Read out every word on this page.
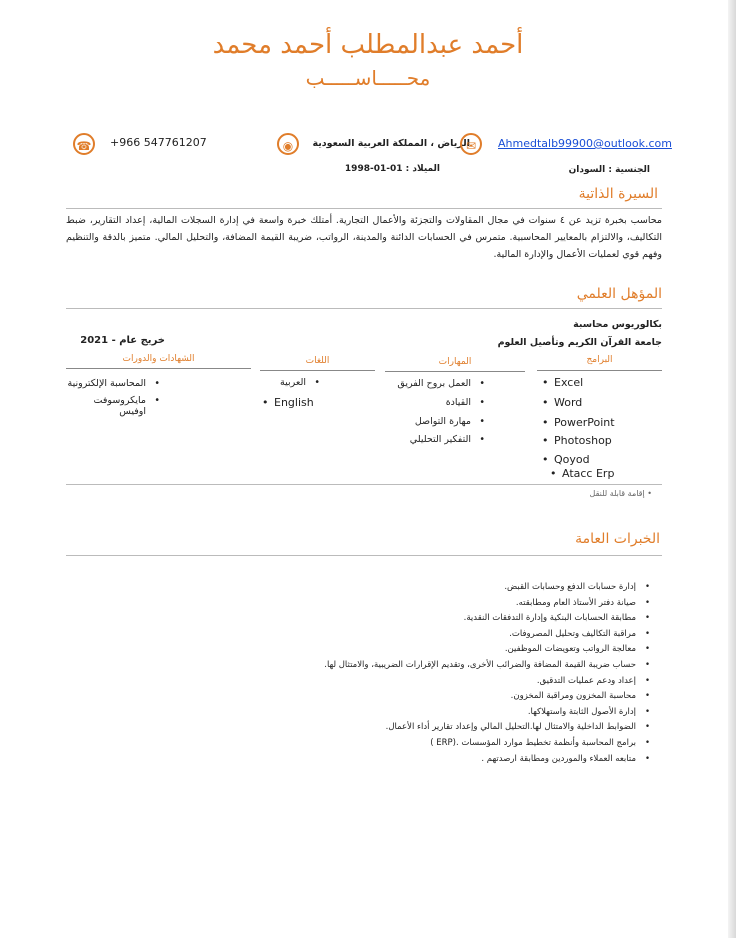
أحمد عبدالمطلب أحمد محمد
محـــــاســـــب
☎	+966 547761207	الرياض ، المملكة العربية السعودية
◉	✉	Ahmedtalb99900@outlook.com
الجنسية : السودان
الميلاد : 1998-01-01
السيرة الذاتية
محاسب بخبرة تزيد عن ٤ سنوات في مجال المقاولات والتجزئة والأعمال التجارية. أمتلك خبرة واسعة في إدارة السجلات المالية، إعداد التقارير، ضبط التكاليف، والالتزام بالمعايير المحاسبية. متمرس في الحسابات الدائنة والمدينة، الرواتب، ضريبة القيمة المضافة، والتحليل المالي. متميز بالدقة والتنظيم وفهم قوي لعمليات الأعمال والإدارة المالية.
المؤهل العلمي
بكالوريوس محاسبة
جامعة القرآن الكريم وتأصيل العلوم
خريج عام - 2021
البرامج
المهارات
اللغات
الشهادات والدورات
• Excel
• Word
• PowerPoint
• Photoshop
• Qoyod
• Atacc Erp
• العمل بروح الفريق
• القيادة
• مهارة التواصل
• التفكير التحليلي
•
العربية
• English
• المحاسبة الإلكترونية
• مايكروسوفت اوفيس
• إقامة قابلة للنقل
الخبرات العامة
• إدارة حسابات الدفع وحسابات القبض.
• صيانة دفتر الأستاذ العام ومطابقته.
• مطابقة الحسابات البنكية وإدارة التدفقات النقدية.
• مراقبة التكاليف وتحليل المصروفات.
• معالجة الرواتب وتعويضات الموظفين.
• حساب ضريبة القيمة المضافة والضرائب الأخرى، وتقديم الإقرارات الضريبية، والامتثال لها.
• إعداد ودعم عمليات التدقيق.
• محاسبة المخزون ومراقبة المخزون.
• إدارة الأصول الثابتة واستهلاكها.
• الضوابط الداخلية والامتثال لها.التحليل المالي وإعداد تقارير أداء الأعمال.
• برامج المحاسبة وأنظمة تخطيط موارد المؤسسات .(ERP )
• متابعه العملاء والموردين ومطابقة ارصدتهم .
